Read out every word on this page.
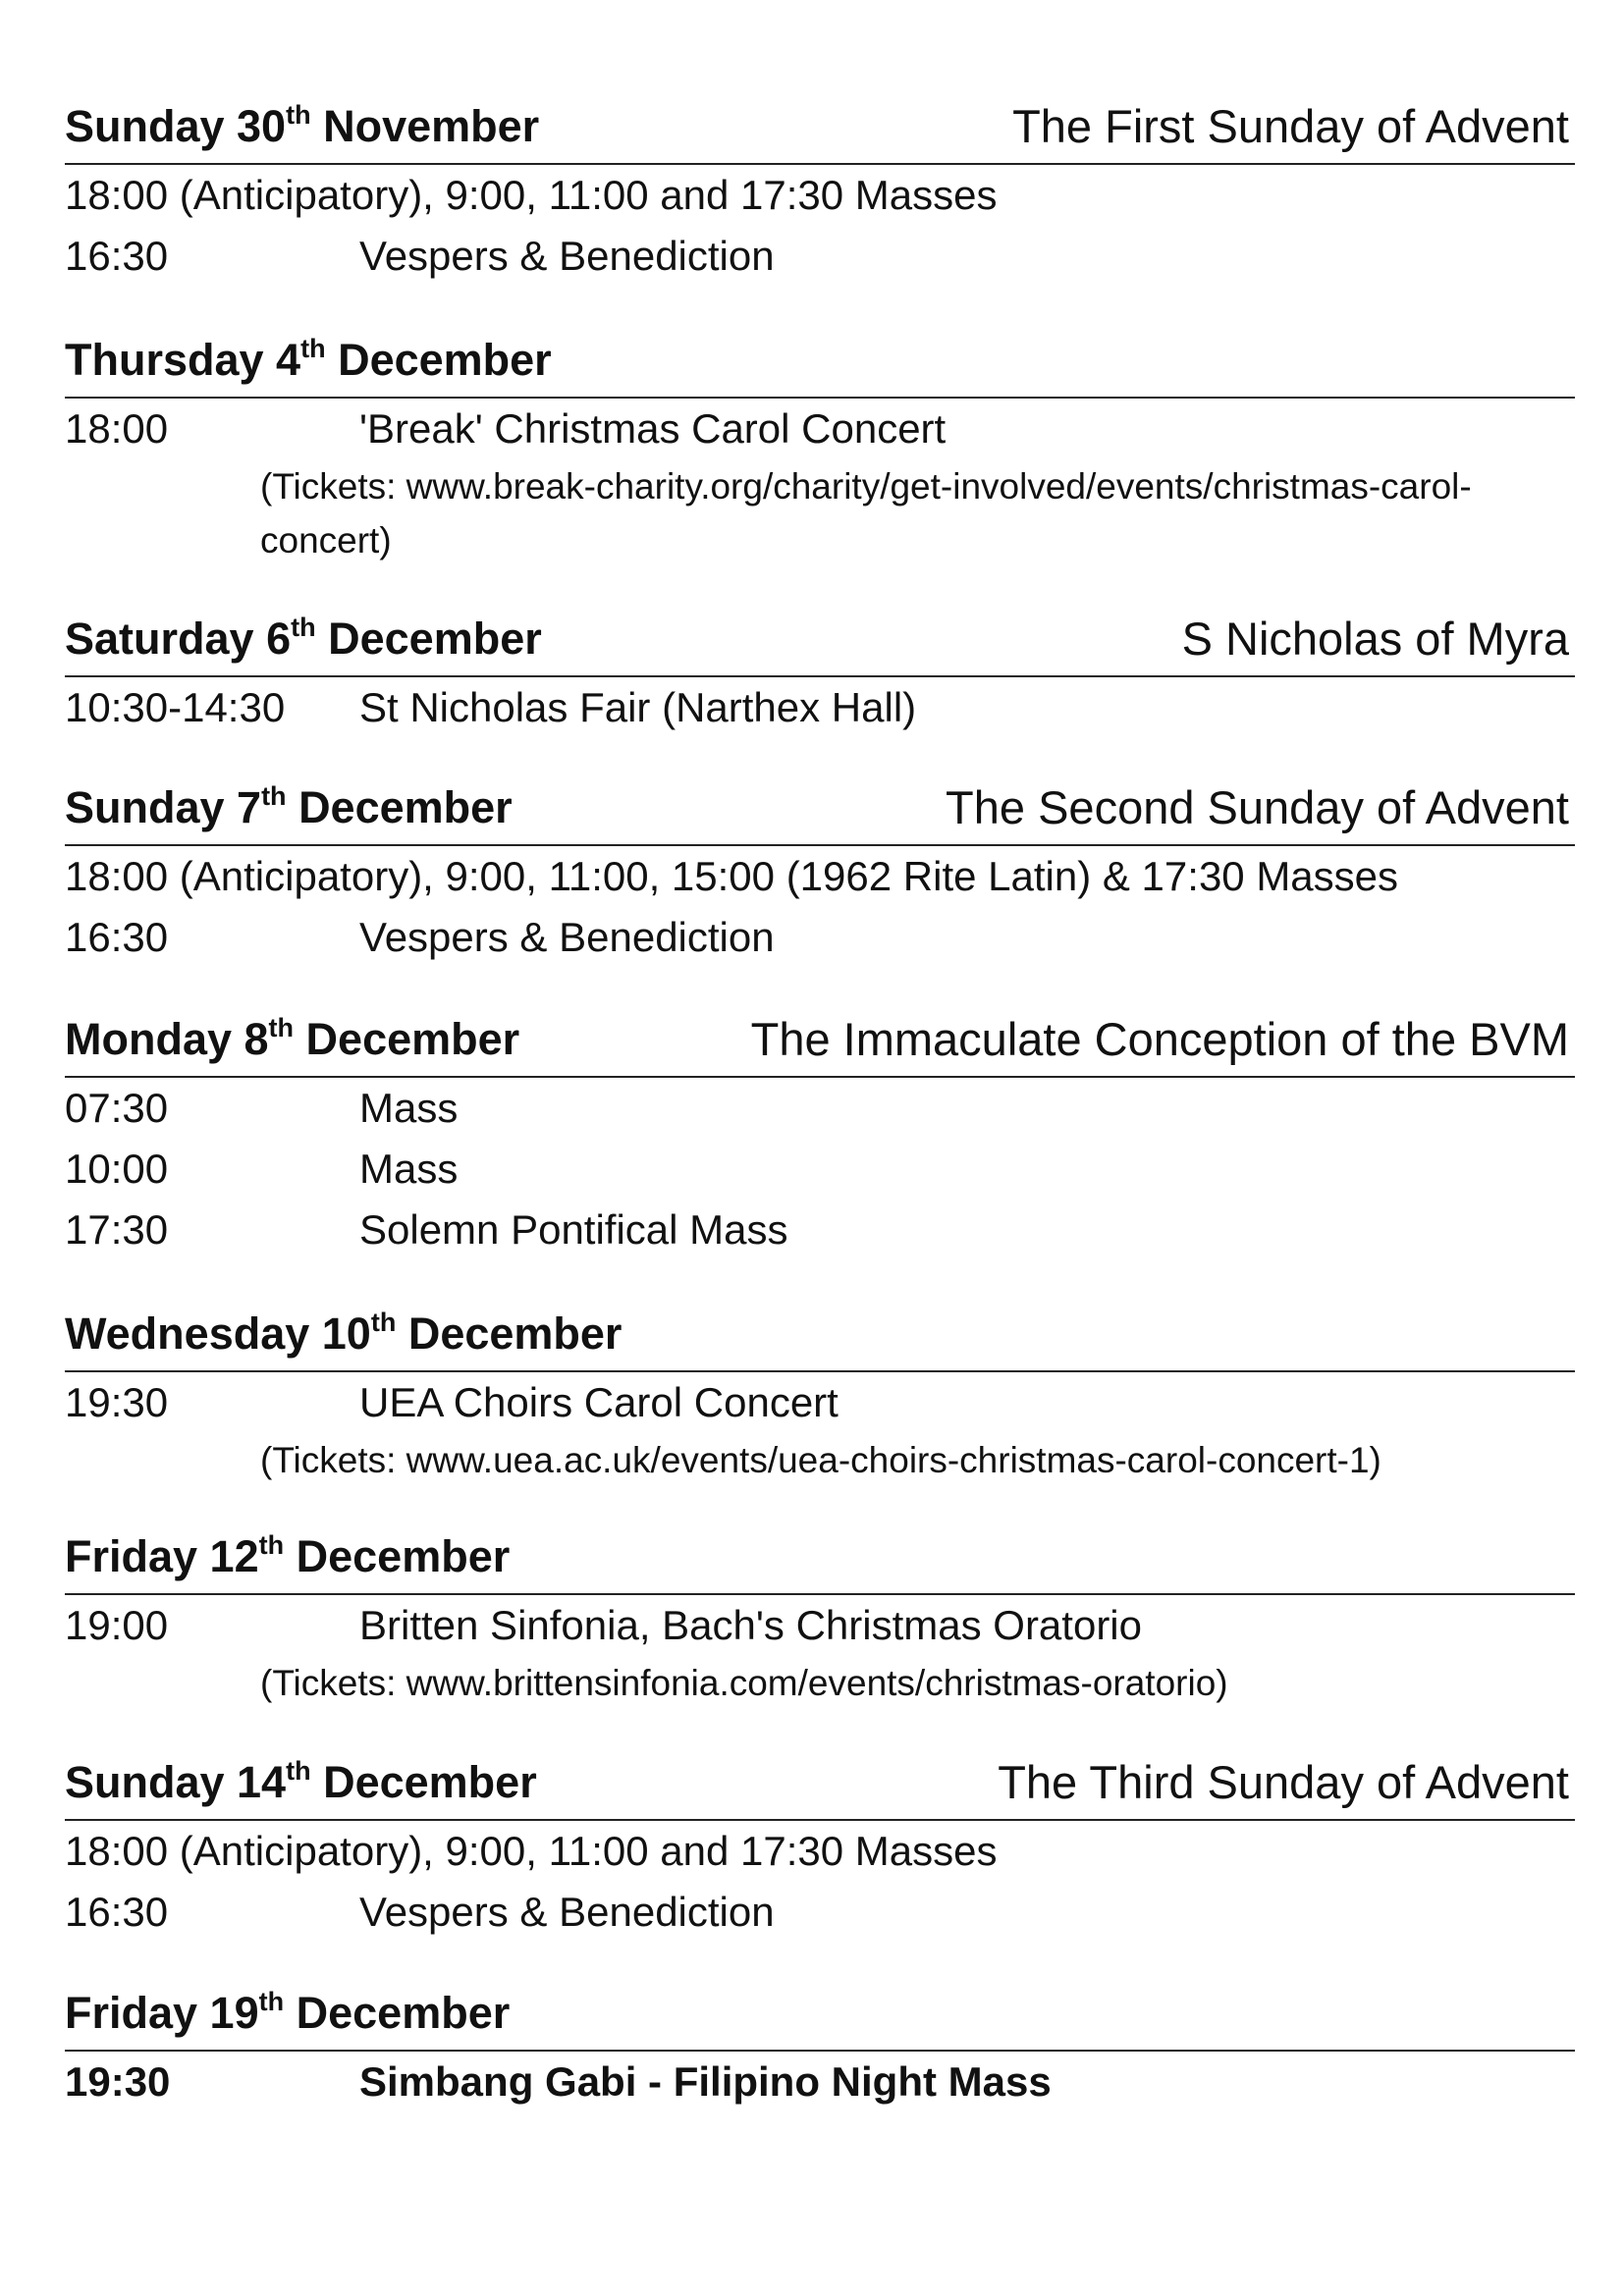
Sunday 30th November	The First Sunday of Advent
18:00 (Anticipatory), 9:00, 11:00 and 17:30 Masses
16:30	Vespers & Benediction
Thursday 4th December
18:00	'Break' Christmas Carol Concert
(Tickets: www.break-charity.org/charity/get-involved/events/christmas-carol-concert)
Saturday 6th December	S Nicholas of Myra
10:30-14:30 St Nicholas Fair (Narthex Hall)
Sunday 7th December	The Second Sunday of Advent
18:00 (Anticipatory), 9:00, 11:00, 15:00 (1962 Rite Latin) & 17:30 Masses
16:30	Vespers & Benediction
Monday 8th December	The Immaculate Conception of the BVM
07:30	Mass
10:00	Mass
17:30	Solemn Pontifical Mass
Wednesday 10th December
19:30	UEA Choirs Carol Concert
(Tickets: www.uea.ac.uk/events/uea-choirs-christmas-carol-concert-1)
Friday 12th December
19:00	Britten Sinfonia, Bach's Christmas Oratorio
(Tickets: www.brittensinfonia.com/events/christmas-oratorio)
Sunday 14th December	The Third Sunday of Advent
18:00 (Anticipatory), 9:00, 11:00 and 17:30 Masses
16:30	Vespers & Benediction
Friday 19th December
19:30	Simbang Gabi - Filipino Night Mass
